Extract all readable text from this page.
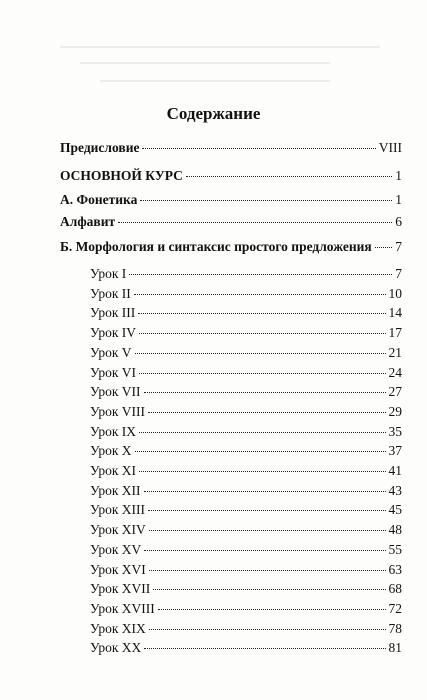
Содержание
Предисловие	VIII
ОСНОВНОЙ КУРС	1
А. Фонетика	1
Алфавит	6
Б. Морфология и синтаксис простого предложения 7
Урок I	7
Урок II	10
Урок III	14
Урок IV	17
Урок V	21
Урок VI	24
Урок VII	27
Урок VIII	29
Урок IX	35
Урок X	37
Урок XI	41
Урок XII	43
Урок XIII	45
Урок XIV	48
Урок XV	55
Урок XVI	63
Урок XVII	68
Урок XVIII	72
Урок XIX	78
Урок XX	81
